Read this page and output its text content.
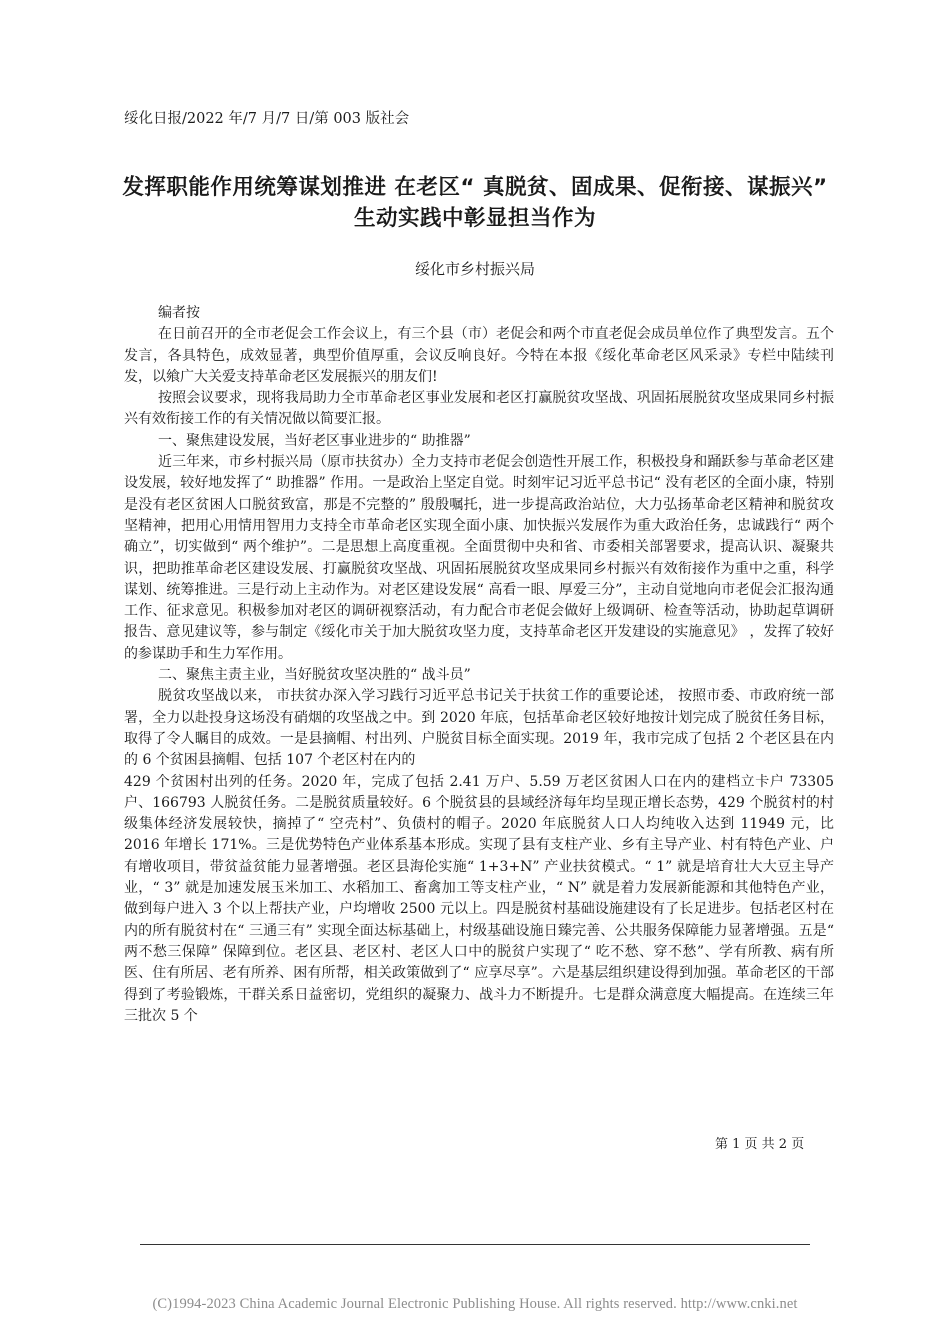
绥化日报/2022 年/7 月/7 日/第 003 版社会
发挥职能作用统筹谋划推进 在老区“ 真脱贫、固成果、促衔接、谋振兴” 生动实践中彰显担当作为
绥化市乡村振兴局

编者按

在日前召开的全市老促会工作会议上，有三个县（市）老促会和两个市直老促会成员单位作了典型发言。五个发言，各具特色，成效显著，典型价值厚重，会议反响良好。今特在本报《绥化革命老区风采录》专栏中陆续刊发，以飨广大关爱支持革命老区发展振兴的朋友们!

按照会议要求，现将我局助力全市革命老区事业发展和老区打赢脱贫攻坚战、巩固拓展脱贫攻坚成果同乡村振兴有效衔接工作的有关情况做以简要汇报。

一、聚焦建设发展，当好老区事业进步的“ 助推器”

近三年来，市乡村振兴局（原市扶贫办）全力支持市老促会创造性开展工作，积极投身和踊跃参与革命老区建设发展，较好地发挥了“ 助推器” 作用。一是政治上坚定自觉。时刻牢记习近平总书记“ 没有老区的全面小康，特别是没有老区贫困人口脱贫致富，那是不完整的” 殷殷嘱托，进一步提高政治站位，大力弘扬革命老区精神和脱贫攻坚精神，把用心用情用智用力支持全市革命老区实现全面小康、加快振兴发展作为重大政治任务，忠诚践行“ 两个确立”，切实做到“ 两个维护”。二是思想上高度重视。全面贯彻中央和省、市委相关部署要求，提高认识、凝聚共识，把助推革命老区建设发展、打赢脱贫攻坚战、巩固拓展脱贫攻坚成果同乡村振兴有效衔接作为重中之重，科学谋划、统筹推进。三是行动上主动作为。对老区建设发展“ 高看一眼、厚爱三分”，主动自觉地向市老促会汇报沟通工作、征求意见。积极参加对老区的调研视察活动，有力配合市老促会做好上级调研、检查等活动，协助起草调研报告、意见建议等，参与制定《绥化市关于加大脱贫攻坚力度，支持革命老区开发建设的实施意见》 ，发挥了较好的参谋助手和生力军作用。

二、聚焦主责主业，当好脱贫攻坚决胜的“ 战斗员”

脱贫攻坚战以来， 市扶贫办深入学习践行习近平总书记关于扶贫工作的重要论述， 按照市委、市政府统一部署，全力以赴投身这场没有硝烟的攻坚战之中。到 2020 年底，包括革命老区较好地按计划完成了脱贫任务目标，取得了令人瞩目的成效。一是县摘帽、村出列、户脱贫目标全面实现。2019 年，我市完成了包括 2 个老区县在内的 6 个贫困县摘帽、包括 107 个老区村在内的

429 个贫困村出列的任务。2020 年，完成了包括 2.41 万户、5.59 万老区贫困人口在内的建档立卡户 73305 户、166793 人脱贫任务。二是脱贫质量较好。6 个脱贫县的县域经济每年均呈现正增长态势，429 个脱贫村的村级集体经济发展较快，摘掉了“ 空壳村”、负债村的帽子。2020 年底脱贫人口人均纯收入达到 11949 元，比 2016 年增长 171%。三是优势特色产业体系基本形成。实现了县有支柱产业、乡有主导产业、村有特色产业、户有增收项目，带贫益贫能力显著增强。老区县海伦实施“ 1+3+N” 产业扶贫模式。“ 1” 就是培育壮大大豆主导产业，“ 3” 就是加速发展玉米加工、水稻加工、畜禽加工等支柱产业，“ N” 就是着力发展新能源和其他特色产业，做到每户进入 3 个以上帮扶产业，户均增收 2500 元以上。四是脱贫村基础设施建设有了长足进步。包括老区村在内的所有脱贫村在“ 三通三有” 实现全面达标基础上，村级基础设施日臻完善、公共服务保障能力显著增强。五是“ 两不愁三保障” 保障到位。老区县、老区村、老区人口中的脱贫户实现了“ 吃不愁、穿不愁”、学有所教、病有所医、住有所居、老有所养、困有所帮，相关政策做到了“ 应享尽享”。六是基层组织建设得到加强。革命老区的干部得到了考验锻炼，干群关系日益密切，党组织的凝聚力、战斗力不断提升。七是群众满意度大幅提高。在连续三年三批次 5 个

第 1 页 共 2 页
(C)1994-2023 China Academic Journal Electronic Publishing House. All rights reserved. http://www.cnki.net
